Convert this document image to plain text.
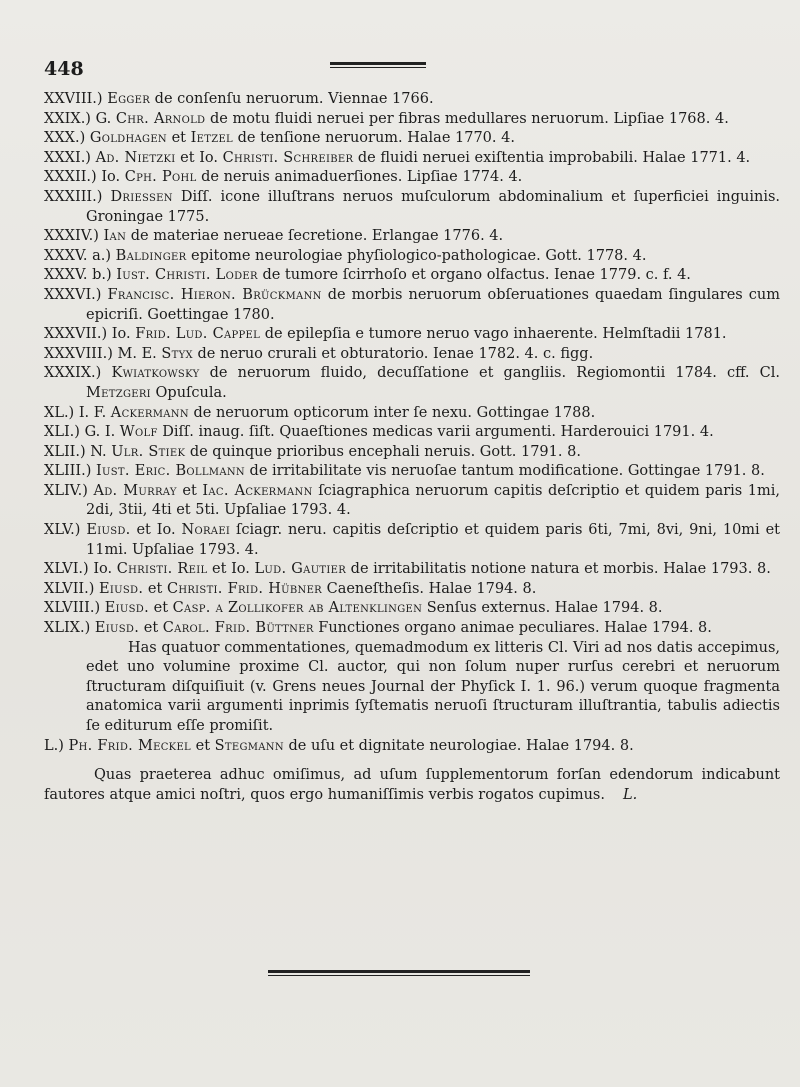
448
XXVIII.) Egger de conſenſu neruorum. Viennae 1766.
XXIX.) G. Chr. Arnold de motu fluidi neruei per fibras medullares neruorum. Lipſiae 1768. 4.
XXX.) Goldhagen et Ietzel de tenſione neruorum. Halae 1770. 4.
XXXI.) Ad. Nietzki et Io. Christi. Schreiber de fluidi neruei exiſtentia improbabili. Halae 1771. 4.
XXXII.) Io. Cph. Pohl de neruis animaduerſiones. Lipſiae 1774. 4.
XXXIII.) Driessen Diſſ. icone illuſtrans neruos muſculorum abdominalium et ſuperficiei inguinis. Groningae 1775.
XXXIV.) Ian de materiae nerueae ſecretione. Erlangae 1776. 4.
XXXV. a.) Baldinger epitome neurologiae phyſiologico-pathologicae. Gott. 1778. 4.
XXXV. b.) Iust. Christi. Loder de tumore ſcirrhoſo et organo olfactus. Ienae 1779. c. f. 4.
XXXVI.) Francisc. Hieron. Brückmann de morbis neruorum obſeruationes quaedam ſingulares cum epicriſi. Goettingae 1780.
XXXVII.) Io. Frid. Lud. Cappel de epilepſia e tumore neruo vago inhaerente. Helmſtadii 1781.
XXXVIII.) M. E. Styx de neruo crurali et obturatorio. Ienae 1782. 4. c. figg.
XXXIX.) Kwiatkowsky de neruorum fluido, decuſſatione et gangliis. Regiomontii 1784. cff. Cl. Metzgeri Opuſcula.
XL.) I. F. Ackermann de neruorum opticorum inter ſe nexu. Gottingae 1788.
XLI.) G. I. Wolf Diſſ. inaug. ſiſt. Quaeſtiones medicas varii argumenti. Harderouici 1791. 4.
XLII.) N. Ulr. Stiek de quinque prioribus encephali neruis. Gott. 1791. 8.
XLIII.) Iust. Eric. Bollmann de irritabilitate vis neruoſae tantum modificatione. Gottingae 1791. 8.
XLIV.) Ad. Murray et Iac. Ackermann ſciagraphica neruorum capitis deſcriptio et quidem paris 1mi, 2di, 3tii, 4ti et 5ti. Upſaliae 1793. 4.
XLV.) Eiusd. et Io. Noraei ſciagr. neru. capitis deſcriptio et quidem paris 6ti, 7mi, 8vi, 9ni, 10mi et 11mi. Upſaliae 1793. 4.
XLVI.) Io. Christi. Reil et Io. Lud. Gautier de irritabilitatis notione natura et morbis. Halae 1793. 8.
XLVII.) Eiusd. et Christi. Frid. Hübner Caeneſtheſis. Halae 1794. 8.
XLVIII.) Eiusd. et Casp. a Zollikofer ab Altenklingen Senſus externus. Halae 1794. 8.
XLIX.) Eiusd. et Carol. Frid. Büttner Functiones organo animae peculiares. Halae 1794. 8.
Has quatuor commentationes, quemadmodum ex litteris Cl. Viri ad nos datis accepimus, edet uno volumine proxime Cl. auctor, qui non ſolum nuper rurſus cerebri et neruorum ſtructuram diſquiſiuit (v. Grens neues Journal der Phyſick I. 1. 96.) verum quoque fragmenta anatomica varii argumenti inprimis ſyſtematis neruoſi ſtructuram illuſtrantia, tabulis adiectis ſe editurum eſſe promiſit.
L.) Ph. Frid. Meckel et Stegmann de uſu et dignitate neurologiae. Halae 1794. 8.
Quas praeterea adhuc omiſimus, ad uſum ſupplementorum forſan edendorum indicabunt fautores atque amici noſtri, quos ergo humaniſſimis verbis rogatos cupimus. L.
